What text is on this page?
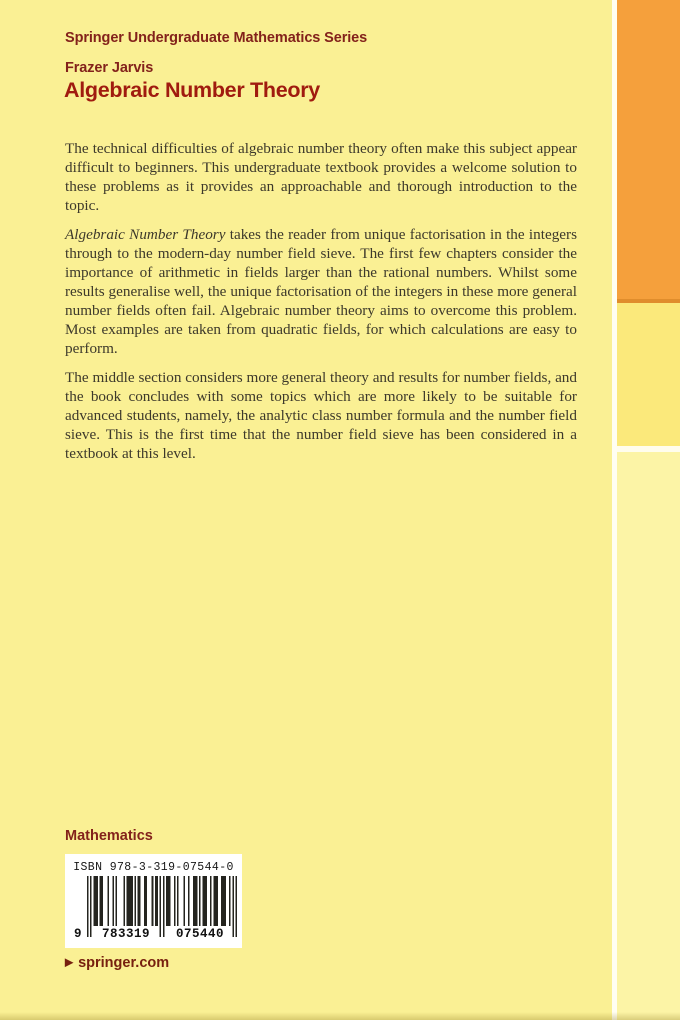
Springer Undergraduate Mathematics Series
Frazer Jarvis
Algebraic Number Theory

The technical difficulties of algebraic number theory often make this subject appear difficult to beginners. This undergraduate textbook provides a welcome solution to these problems as it provides an approachable and thorough introduction to the topic.

Algebraic Number Theory takes the reader from unique factorisation in the integers through to the modern-day number field sieve. The first few chapters consider the importance of arithmetic in fields larger than the rational numbers. Whilst some results generalise well, the unique factorisation of the integers in these more general number fields often fail. Algebraic number theory aims to overcome this problem. Most examples are taken from quadratic fields, for which calculations are easy to perform.

The middle section considers more general theory and results for number fields, and the book concludes with some topics which are more likely to be suitable for advanced students, namely, the analytic class number formula and the number field sieve. This is the first time that the number field sieve has been considered in a textbook at this level.

Mathematics
ISBN 978-3-319-07544-0
9	783319	075440
▶ springer.com
